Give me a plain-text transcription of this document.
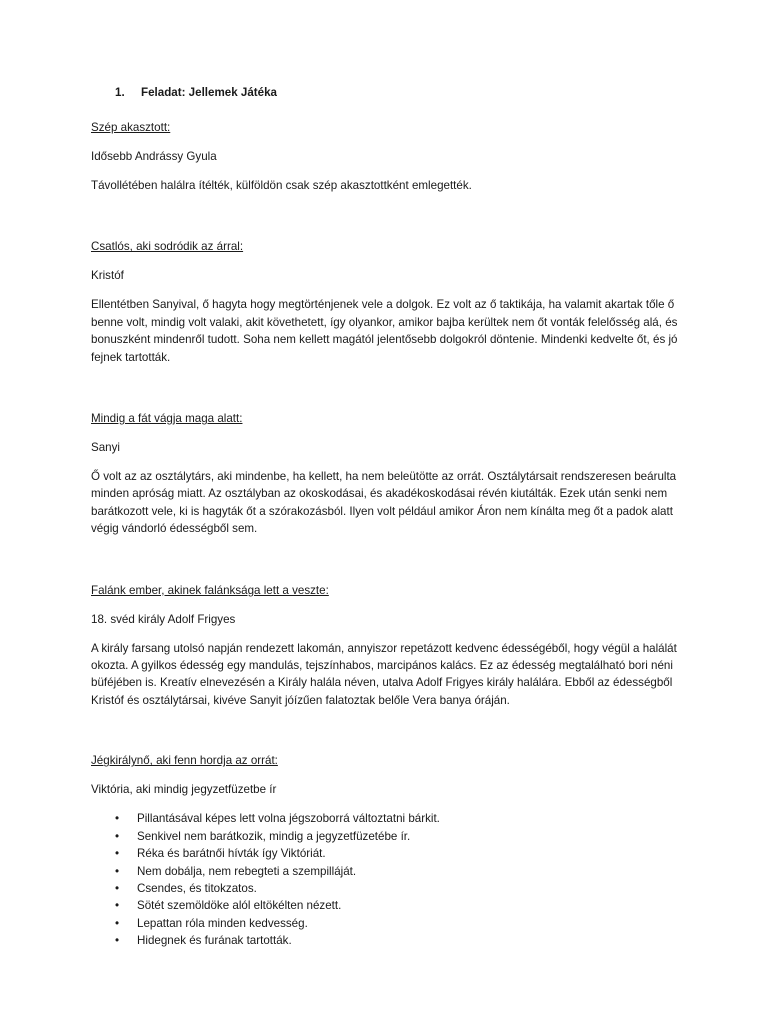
1. Feladat: Jellemek Játéka
Szép akasztott:
Idősebb Andrássy Gyula
Távollétében halálra ítélték, külföldön csak szép akasztottként emlegették.
Csatlós, aki sodródik az árral:
Kristóf
Ellentétben Sanyival, ő hagyta hogy megtörténjenek vele a dolgok. Ez volt az ő taktikája, ha valamit akartak tőle ő benne volt, mindig volt valaki, akit követhetett, így olyankor, amikor bajba kerültek nem őt vonták felelősség alá, és bonuszként mindenről tudott. Soha nem kellett magától jelentősebb dolgokról döntenie. Mindenki kedvelte őt, és jó fejnek tartották.
Mindig a fát vágja maga alatt:
Sanyi
Ő volt az az osztálytárs, aki mindenbe, ha kellett, ha nem beleütötte az orrát. Osztálytársait rendszeresen beárulta minden apróság miatt. Az osztályban az okoskodásai, és akadékoskodásai révén kiutálták. Ezek után senki nem barátkozott vele, ki is hagyták őt a szórakozásból. Ilyen volt például amikor Áron nem kínálta meg őt a padok alatt végig vándorló édességből sem.
Falánk ember, akinek falánksága lett a veszte:
18. svéd király Adolf Frigyes
A király farsang utolsó napján rendezett lakomán, annyiszor repetázott kedvenc édességéből, hogy végül a halálát okozta. A gyilkos édesség egy mandulás, tejszínhabos, marcipános kalács. Ez az édesség megtalálható bori néni büféjében is. Kreatív elnevezésén a Király halála néven, utalva Adolf Frigyes király halálára. Ebből az édességből Kristóf és osztálytársai, kivéve Sanyit jóízűen falatoztak belőle Vera banya óráján.
Jégkirálynő, aki fenn hordja az orrát:
Viktória, aki mindig jegyzetfüzetbe ír
• Pillantásával képes lett volna jégszoborrá változtatni bárkit.
• Senkivel nem barátkozik, mindig a jegyzetfüzetébe ír.
• Réka és barátnői hívták így Viktóriát.
• Nem dobálja, nem rebegteti a szempilláját.
• Csendes, és titokzatos.
• Sötét szemöldöke alól eltökélten nézett.
• Lepattan róla minden kedvesség.
• Hidegnek és furának tartották.
